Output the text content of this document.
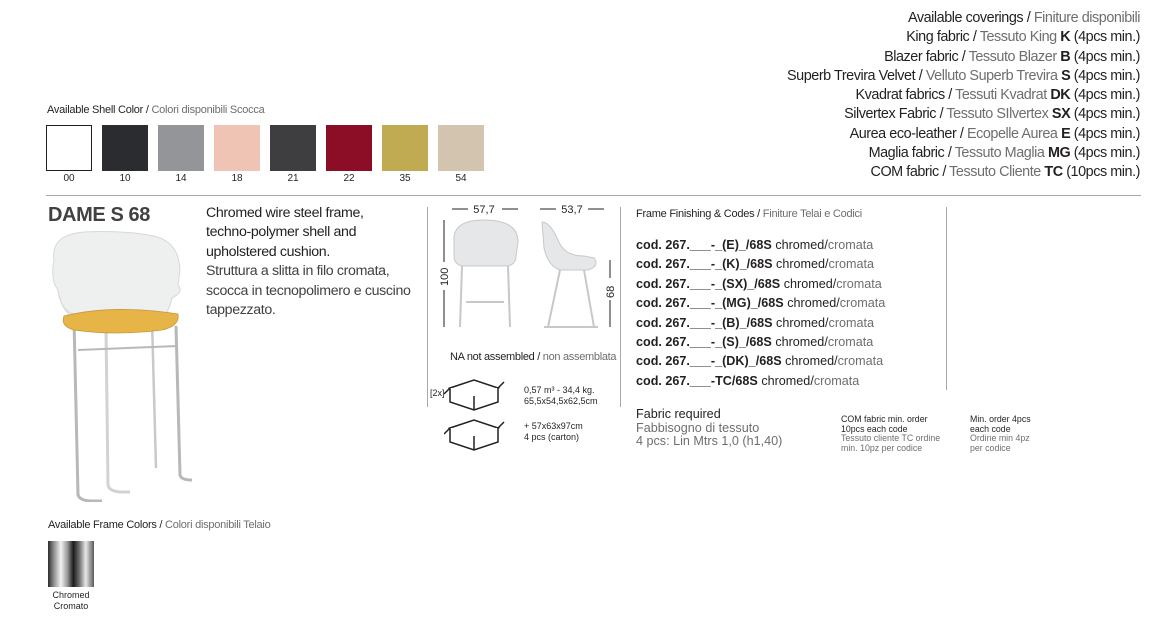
Available coverings / Finiture disponibili
King fabric / Tessuto King K (4pcs min.)
Blazer fabric / Tessuto Blazer B (4pcs min.)
Superb Trevira Velvet / Velluto Superb Trevira S (4pcs min.)
Kvadrat fabrics / Tessuti Kvadrat DK (4pcs min.)
Silvertex Fabric / Tessuto SIlvertex SX (4pcs min.)
Aurea eco-leather / Ecopelle Aurea E (4pcs min.)
Maglia fabric / Tessuto Maglia MG (4pcs min.)
COM fabric / Tessuto Cliente TC (10pcs min.)
Available Shell Color / Colori disponibili Scocca
00	10	14	18	21	22	35	54
DAME S 68	Chromed wire steel frame, techno-polymer shell and upholstered cushion.
Struttura a slitta in filo cromata, scocca in tecnopolimero e cuscino tappezzato.
57,7	53,7
100
68
NA not assembled / non assemblata
[2x]	0,57 m³ - 34,4 kg.
65,5x54,5x62,5cm
+ 57x63x97cm
4 pcs (carton)
Frame Finishing & Codes / Finiture Telai e Codici
cod. 267.___-_(E)_/68S chromed/cromata
cod. 267.___-_(K)_/68S chromed/cromata
cod. 267.___-_(SX)_/68S chromed/cromata
cod. 267.___-_(MG)_/68S chromed/cromata
cod. 267.___-_(B)_/68S chromed/cromata
cod. 267.___-_(S)_/68S chromed/cromata
cod. 267.___-_(DK)_/68S chromed/cromata
cod. 267.___-TC/68S chromed/cromata
Fabric required
Fabbisogno di tessuto
4 pcs: Lin Mtrs 1,0 (h1,40)
COM fabric min. order
10pcs each code
Tessuto cliente TC ordine
min. 10pz per codice
Min. order 4pcs
each code
Ordine min 4pz
per codice
Available Frame Colors / Colori disponibili Telaio
Chromed
Cromato
